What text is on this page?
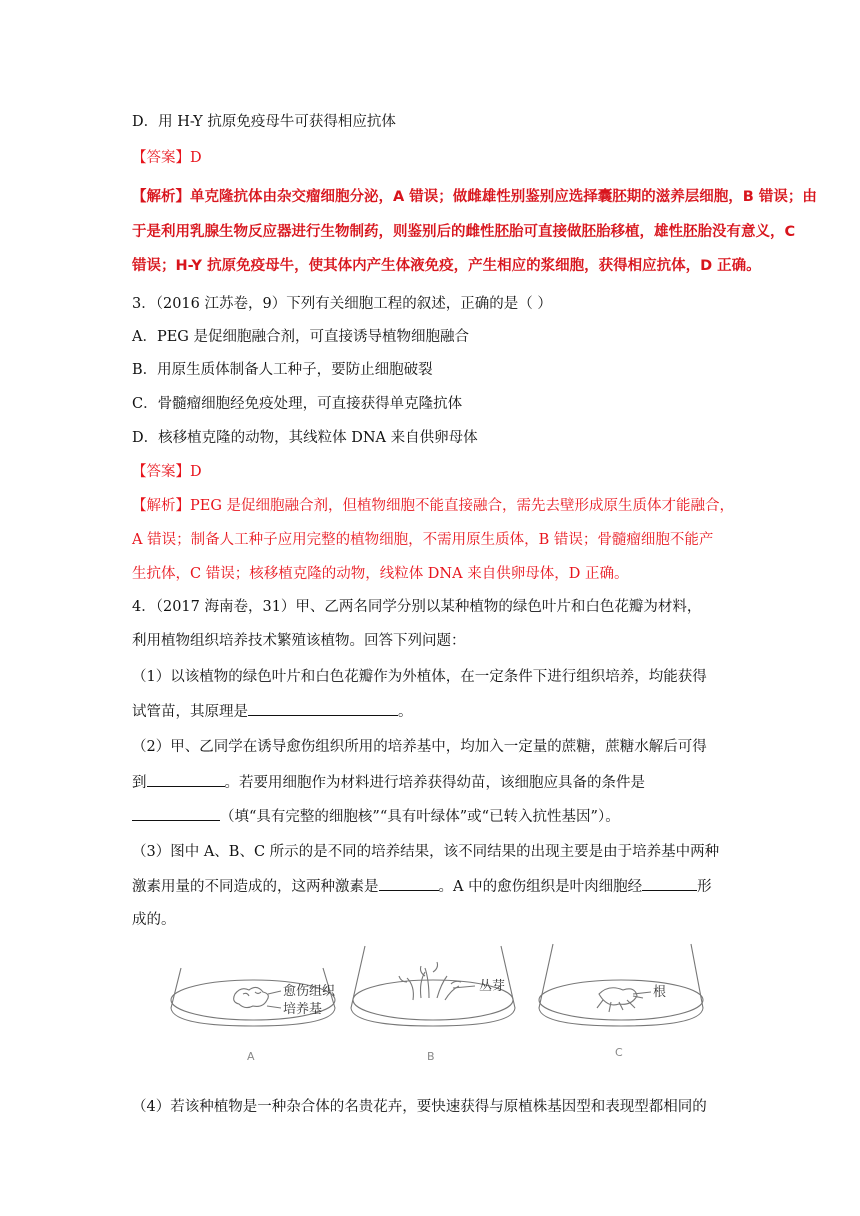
D．用 H-Y 抗原免疫母牛可获得相应抗体
【答案】D
【解析】单克隆抗体由杂交瘤细胞分泌，A 错误；做雌雄性别鉴别应选择囊胚期的滋养层细胞，B 错误；由
于是利用乳腺生物反应器进行生物制药，则鉴别后的雌性胚胎可直接做胚胎移植，雄性胚胎没有意义，C
错误；H-Y 抗原免疫母牛，使其体内产生体液免疫，产生相应的浆细胞，获得相应抗体，D 正确。
3．（2016 江苏卷，9）下列有关细胞工程的叙述，正确的是（ ）
A．PEG 是促细胞融合剂，可直接诱导植物细胞融合
B．用原生质体制备人工种子，要防止细胞破裂
C．骨髓瘤细胞经免疫处理，可直接获得单克隆抗体
D．核移植克隆的动物，其线粒体 DNA 来自供卵母体
【答案】D
【解析】PEG 是促细胞融合剂，但植物细胞不能直接融合，需先去壁形成原生质体才能融合，
A 错误；制备人工种子应用完整的植物细胞，不需用原生质体，B 错误；骨髓瘤细胞不能产
生抗体，C 错误；核移植克隆的动物，线粒体 DNA 来自供卵母体，D 正确。
4．（2017 海南卷，31）甲、乙两名同学分别以某种植物的绿色叶片和白色花瓣为材料，
利用植物组织培养技术繁殖该植物。回答下列问题：
（1）以该植物的绿色叶片和白色花瓣作为外植体，在一定条件下进行组织培养，均能获得
试管苗，其原理是	。
（2）甲、乙同学在诱导愈伤组织所用的培养基中，均加入一定量的蔗糖，蔗糖水解后可得
到	。若要用细胞作为材料进行培养获得幼苗，该细胞应具备的条件是
（填“具有完整的细胞核”“具有叶绿体”或“已转入抗性基因”）。
（3）图中 A、B、C 所示的是不同的培养结果，该不同结果的出现主要是由于培养基中两种
激素用量的不同造成的，这两种激素是	。A 中的愈伤组织是叶肉细胞经	形
成的。
愈伤组织
培养基
丛芽	根
A	B	C
（4）若该种植物是一种杂合体的名贵花卉，要快速获得与原植株基因型和表现型都相同的
